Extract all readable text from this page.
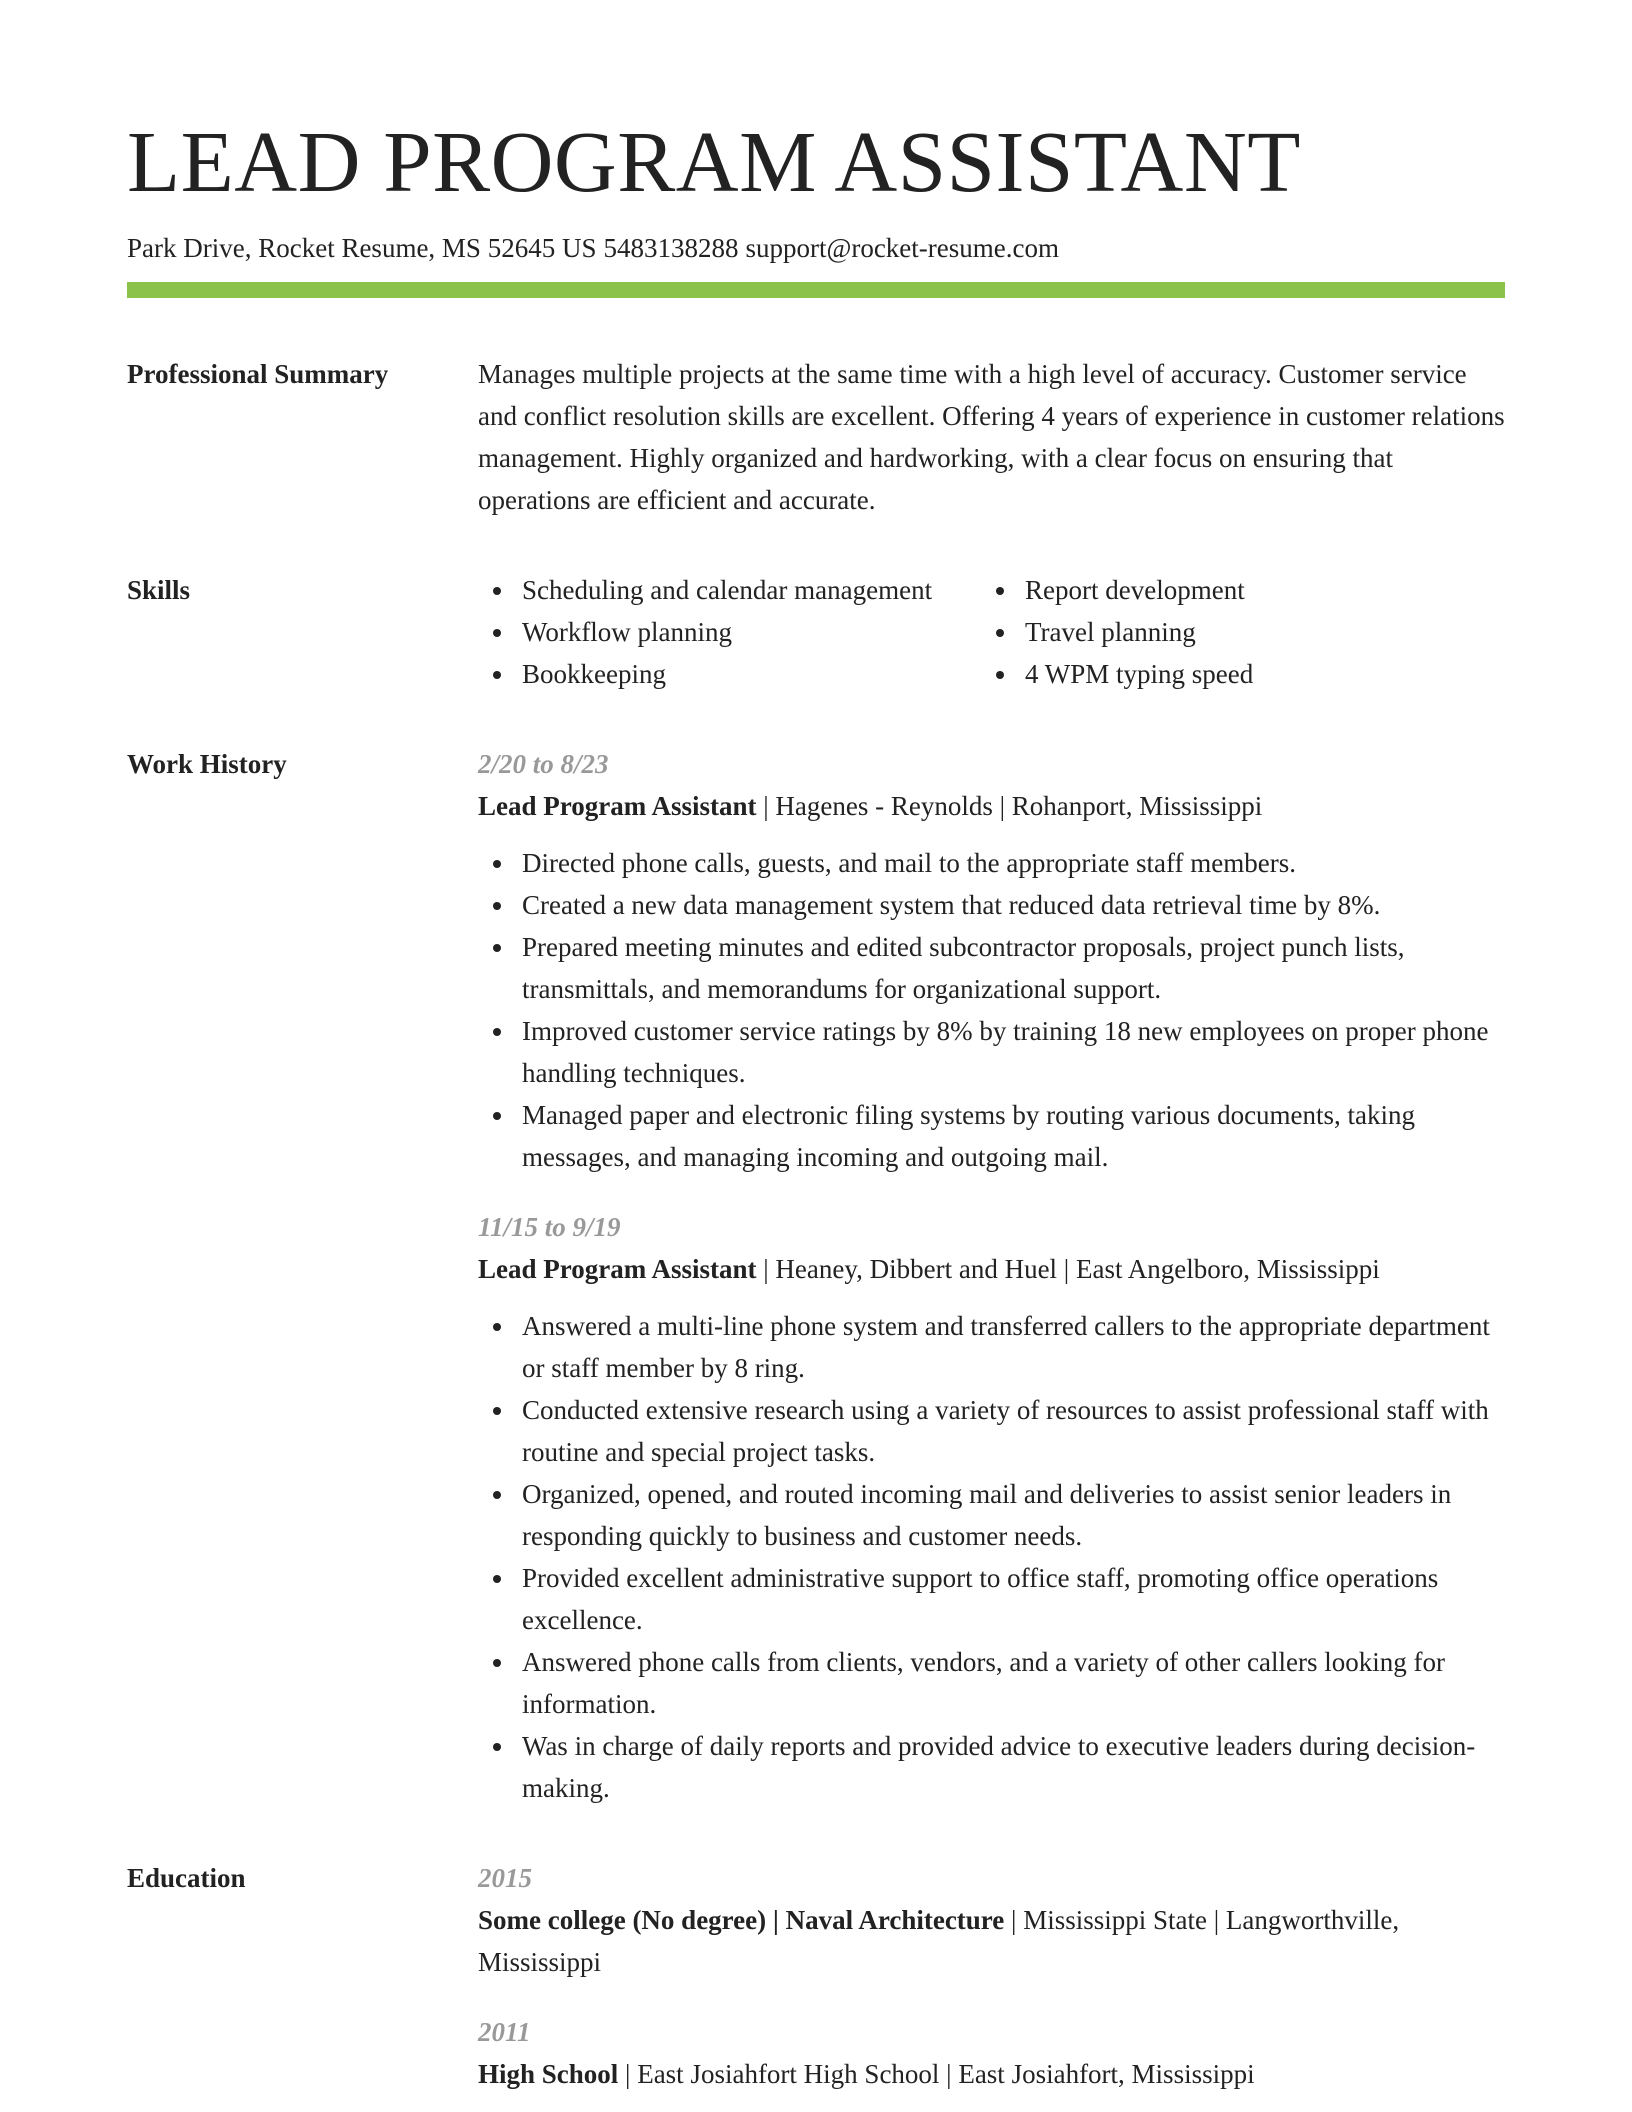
LEAD PROGRAM ASSISTANT
Park Drive, Rocket Resume, MS 52645 US 5483138288 support@rocket-resume.com
Professional Summary	Manages multiple projects at the same time with a high level of accuracy. Customer service and conflict resolution skills are excellent. Offering 4 years of experience in customer relations management. Highly organized and hardworking, with a clear focus on ensuring that operations are efficient and accurate.

Skills	Scheduling and calendar management	Report development
Workflow planning	Travel planning
Bookkeeping	4 WPM typing speed
Work History	2/20 to 8/23
Lead Program Assistant | Hagenes - Reynolds | Rohanport, Mississippi
Directed phone calls, guests, and mail to the appropriate staff members.
Created a new data management system that reduced data retrieval time by 8%.
Prepared meeting minutes and edited subcontractor proposals, project punch lists, transmittals, and memorandums for organizational support.
Improved customer service ratings by 8% by training 18 new employees on proper phone handling techniques.
Managed paper and electronic filing systems by routing various documents, taking messages, and managing incoming and outgoing mail.
11/15 to 9/19
Lead Program Assistant | Heaney, Dibbert and Huel | East Angelboro, Mississippi
Answered a multi-line phone system and transferred callers to the appropriate department or staff member by 8 ring.
Conducted extensive research using a variety of resources to assist professional staff with routine and special project tasks.
Organized, opened, and routed incoming mail and deliveries to assist senior leaders in responding quickly to business and customer needs.
Provided excellent administrative support to office staff, promoting office operations excellence.
Answered phone calls from clients, vendors, and a variety of other callers looking for information.
Was in charge of daily reports and provided advice to executive leaders during decision-making.
Education	2015
Some college (No degree) | Naval Architecture | Mississippi State | Langworthville, Mississippi
2011
High School | East Josiahfort High School | East Josiahfort, Mississippi
